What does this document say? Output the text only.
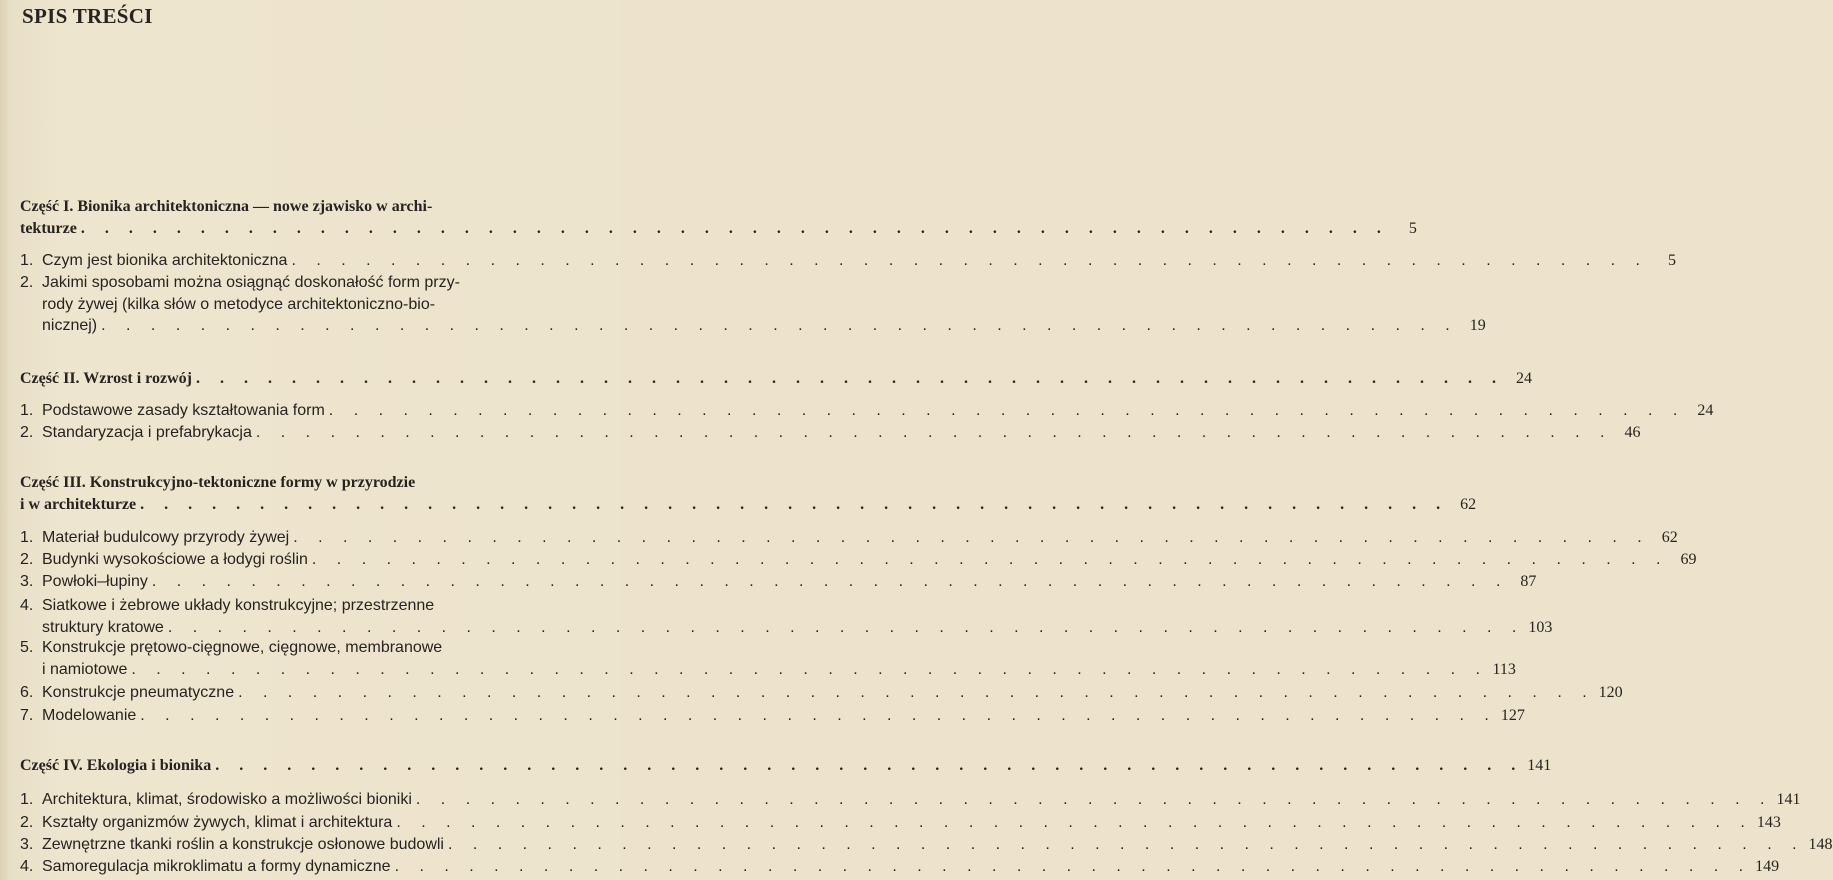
SPIS TREŚCI
Część I. Bionika architektoniczna — nowe zjawisko w archi-
tekturze . . .	5
1. Czym jest bionika architektoniczna . . .	5
2. Jakimi sposobami można osiągnąć doskonałość form przy-
rody żywej (kilka słów o metodyce architektoniczno-bio-
nicznej) . . .	19
Część II. Wzrost i rozwój . . .	24
1. Podstawowe zasady kształtowania form . . .	24
2. Standaryzacja i prefabrykacja . . .	46
Część III. Konstrukcyjno-tektoniczne formy w przyrodzie
i w architekturze . . .	62
1. Materiał budulcowy przyrody żywej . . .	62
2. Budynki wysokościowe a łodygi roślin . . .	69
3. Powłoki–łupiny . . .	87
4. Siatkowe i żebrowe układy konstrukcyjne; przestrzenne
struktury kratowe . . .	103
5. Konstrukcje prętowo-cięgnowe, cięgnowe, membranowe
i namiotowe . . .	113
6. Konstrukcje pneumatyczne . . .	120
7. Modelowanie . . .	127
Część IV. Ekologia i bionika . . .	141
1. Architektura, klimat, środowisko a możliwości bioniki . . .	141
2. Kształty organizmów żywych, klimat i architektura . . .	143
3. Zewnętrzne tkanki roślin a konstrukcje osłonowe budowli . . .	148
4. Samoregulacja mikroklimatu a formy dynamiczne . . .	149
